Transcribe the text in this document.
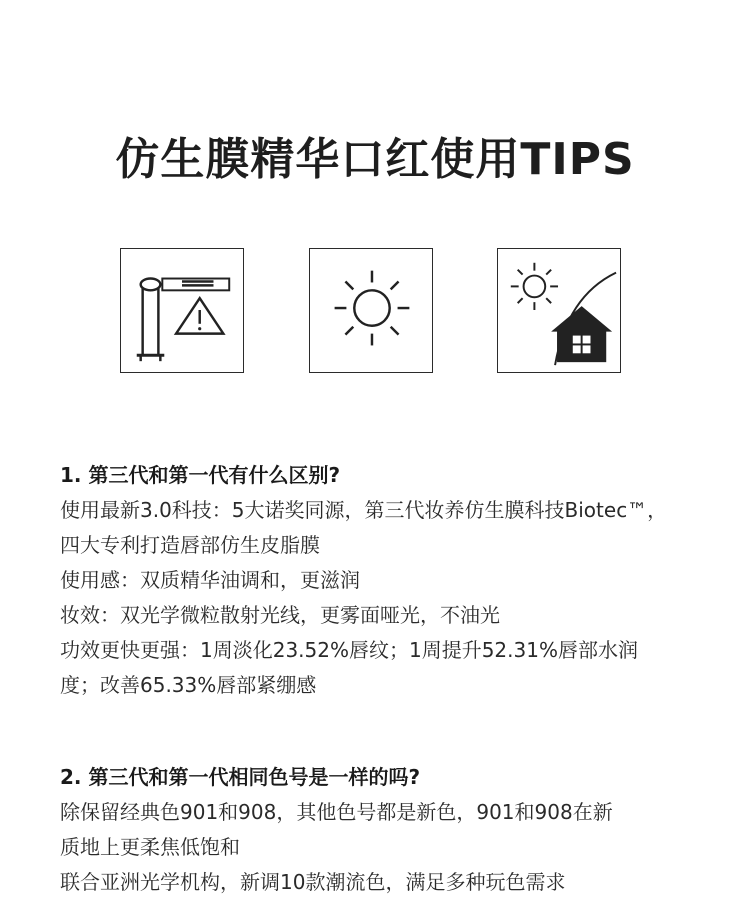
仿生膜精华口红使用TIPS
1. 第三代和第一代有什么区别?
使用最新3.0科技：5大诺奖同源，第三代妆养仿生膜科技Biotec™，
四大专利打造唇部仿生皮脂膜
使用感：双质精华油调和，更滋润
妆效：双光学微粒散射光线，更雾面哑光，不油光
功效更快更强：1周淡化23.52%唇纹；1周提升52.31%唇部水润
度；改善65.33%唇部紧绷感
2. 第三代和第一代相同色号是一样的吗?
除保留经典色901和908，其他色号都是新色，901和908在新
质地上更柔焦低饱和
联合亚洲光学机构，新调10款潮流色，满足多种玩色需求
